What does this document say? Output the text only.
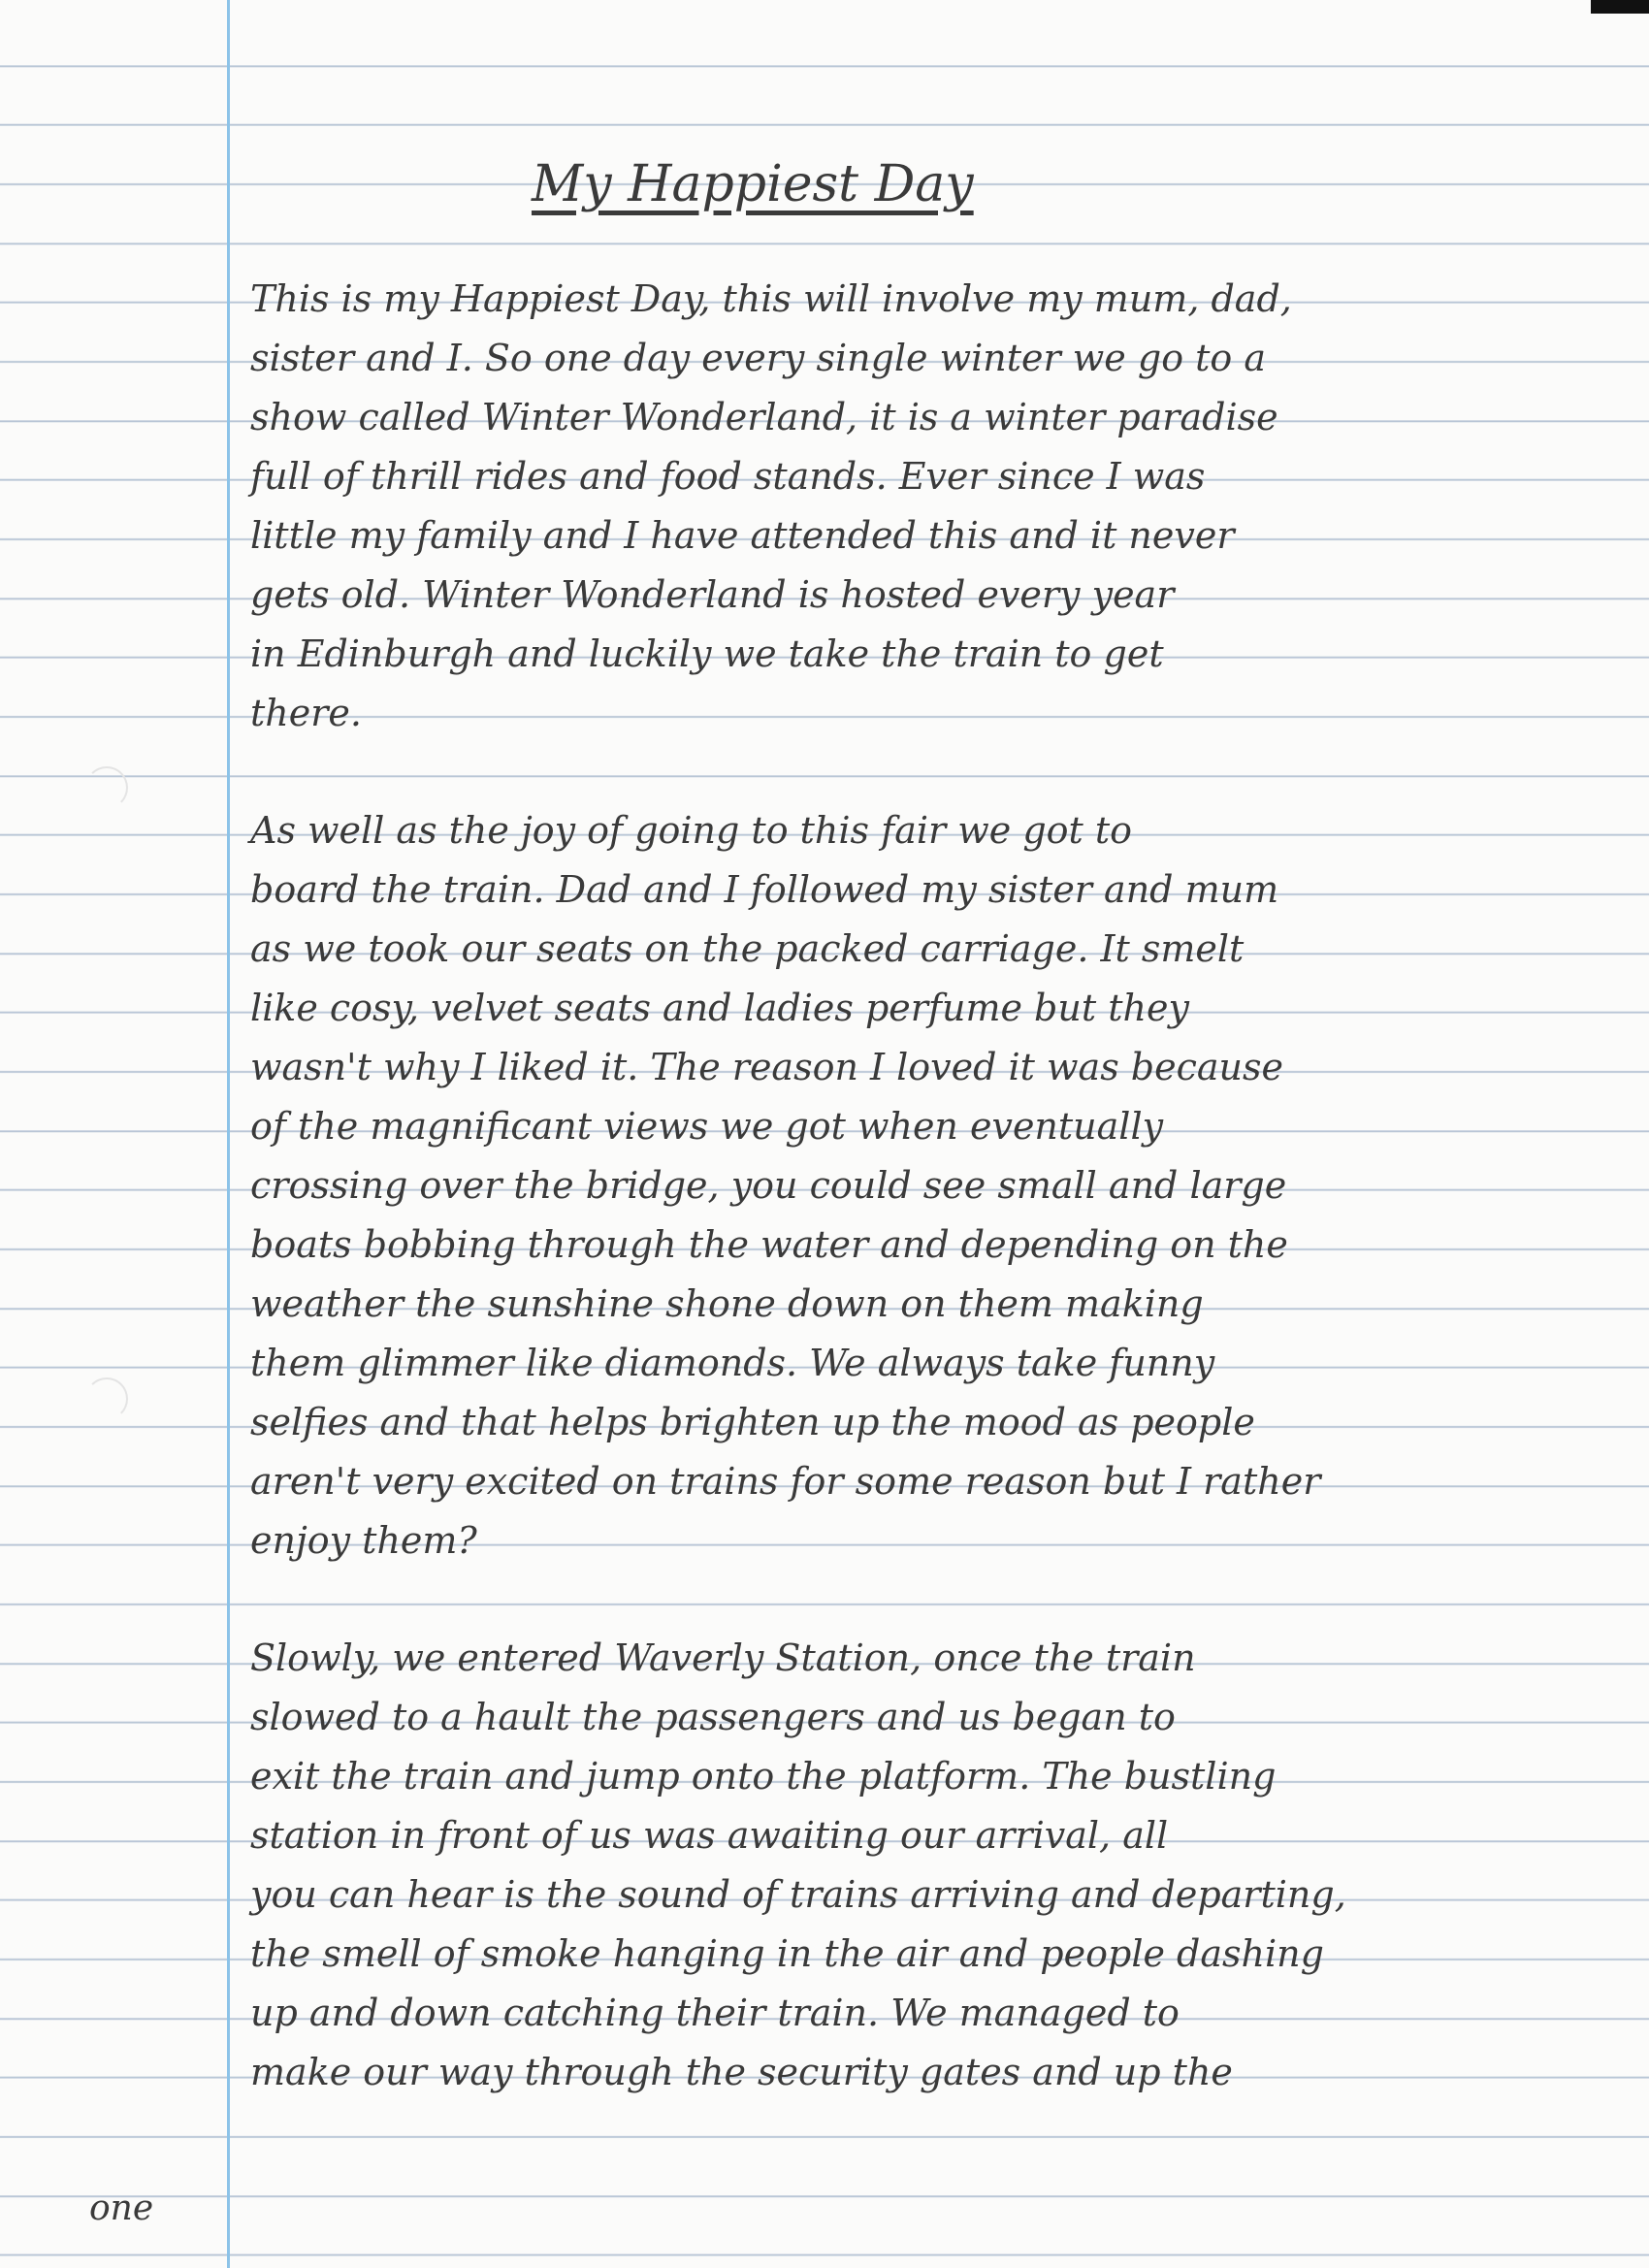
My Happiest Day
This is my Happiest Day, this will involve my mum, dad,
sister and I. So one day every single winter we go to a
show called Winter Wonderland, it is a winter paradise
full of thrill rides and food stands. Ever since I was
little my family and I have attended this and it never
gets old. Winter Wonderland is hosted every year
in Edinburgh and luckily we take the train to get
there.
As well as the joy of going to this fair we got to
board the train. Dad and I followed my sister and mum
as we took our seats on the packed carriage. It smelt
like cosy, velvet seats and ladies perfume but they
wasn't why I liked it. The reason I loved it was because
of the magnificant views we got when eventually
crossing over the bridge, you could see small and large
boats bobbing through the water and depending on the
weather the sunshine shone down on them making
them glimmer like diamonds. We always take funny
selfies and that helps brighten up the mood as people
aren't very excited on trains for some reason but I rather
enjoy them?
Slowly, we entered Waverly Station, once the train
slowed to a hault the passengers and us began to
exit the train and jump onto the platform. The bustling
station in front of us was awaiting our arrival, all
you can hear is the sound of trains arriving and departing,
the smell of smoke hanging in the air and people dashing
up and down catching their train. We managed to
make our way through the security gates and up the
one
